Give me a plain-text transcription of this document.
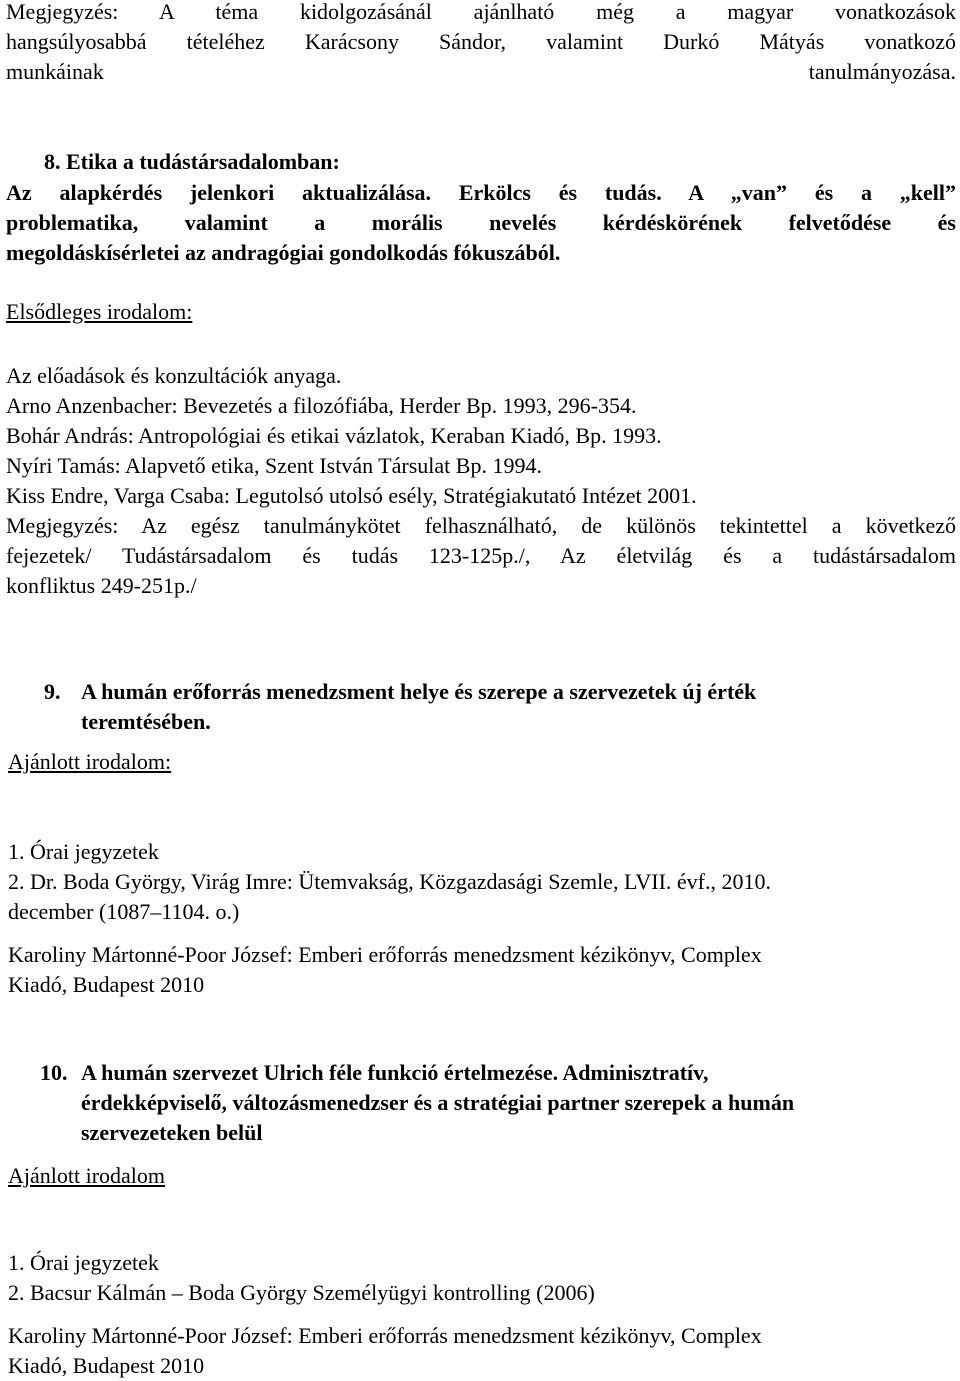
Megjegyzés: A téma kidolgozásánál ajánlható még a magyar vonatkozások
hangsúlyosabbá tételéhez Karácsony Sándor, valamint Durkó Mátyás vonatkozó
munkáinak tanulmányozása.
8. Etika a tudástársadalomban:
Az alapkérdés jelenkori aktualizálása. Erkölcs és tudás. A „van” és a „kell”
problematika, valamint a morális nevelés kérdéskörének felvetődése és
megoldáskísérletei az andragógiai gondolkodás fókuszából.
Elsődleges irodalom:
Az előadások és konzultációk anyaga.
Arno Anzenbacher: Bevezetés a filozófiába, Herder Bp. 1993, 296-354.
Bohár András: Antropológiai és etikai vázlatok, Keraban Kiadó, Bp. 1993.
Nyíri Tamás: Alapvető etika, Szent István Társulat Bp. 1994.
Kiss Endre, Varga Csaba: Legutolsó utolsó esély, Stratégiakutató Intézet 2001.
Megjegyzés: Az egész tanulmánykötet felhasználható, de különös tekintettel a következő
fejezetek/ Tudástársadalom és tudás 123-125p./, Az életvilág és a tudástársadalom
konfliktus 249-251p./
9. A humán erőforrás menedzsment helye és szerepe a szervezetek új érték
teremtésében.
Ajánlott irodalom:
1. Órai jegyzetek
2. Dr. Boda György, Virág Imre: Ütemvakság, Közgazdasági Szemle, LVII. évf., 2010.
december (1087–1104. o.)
Karoliny Mártonné-Poor József: Emberi erőforrás menedzsment kézikönyv, Complex
Kiadó, Budapest 2010
10. A humán szervezet Ulrich féle funkció értelmezése. Adminisztratív,
érdekképviselő, változásmenedzser és a stratégiai partner szerepek a humán
szervezeteken belül
Ajánlott irodalom
1. Órai jegyzetek
2. Bacsur Kálmán – Boda György Személyügyi kontrolling (2006)
Karoliny Mártonné-Poor József: Emberi erőforrás menedzsment kézikönyv, Complex
Kiadó, Budapest 2010
